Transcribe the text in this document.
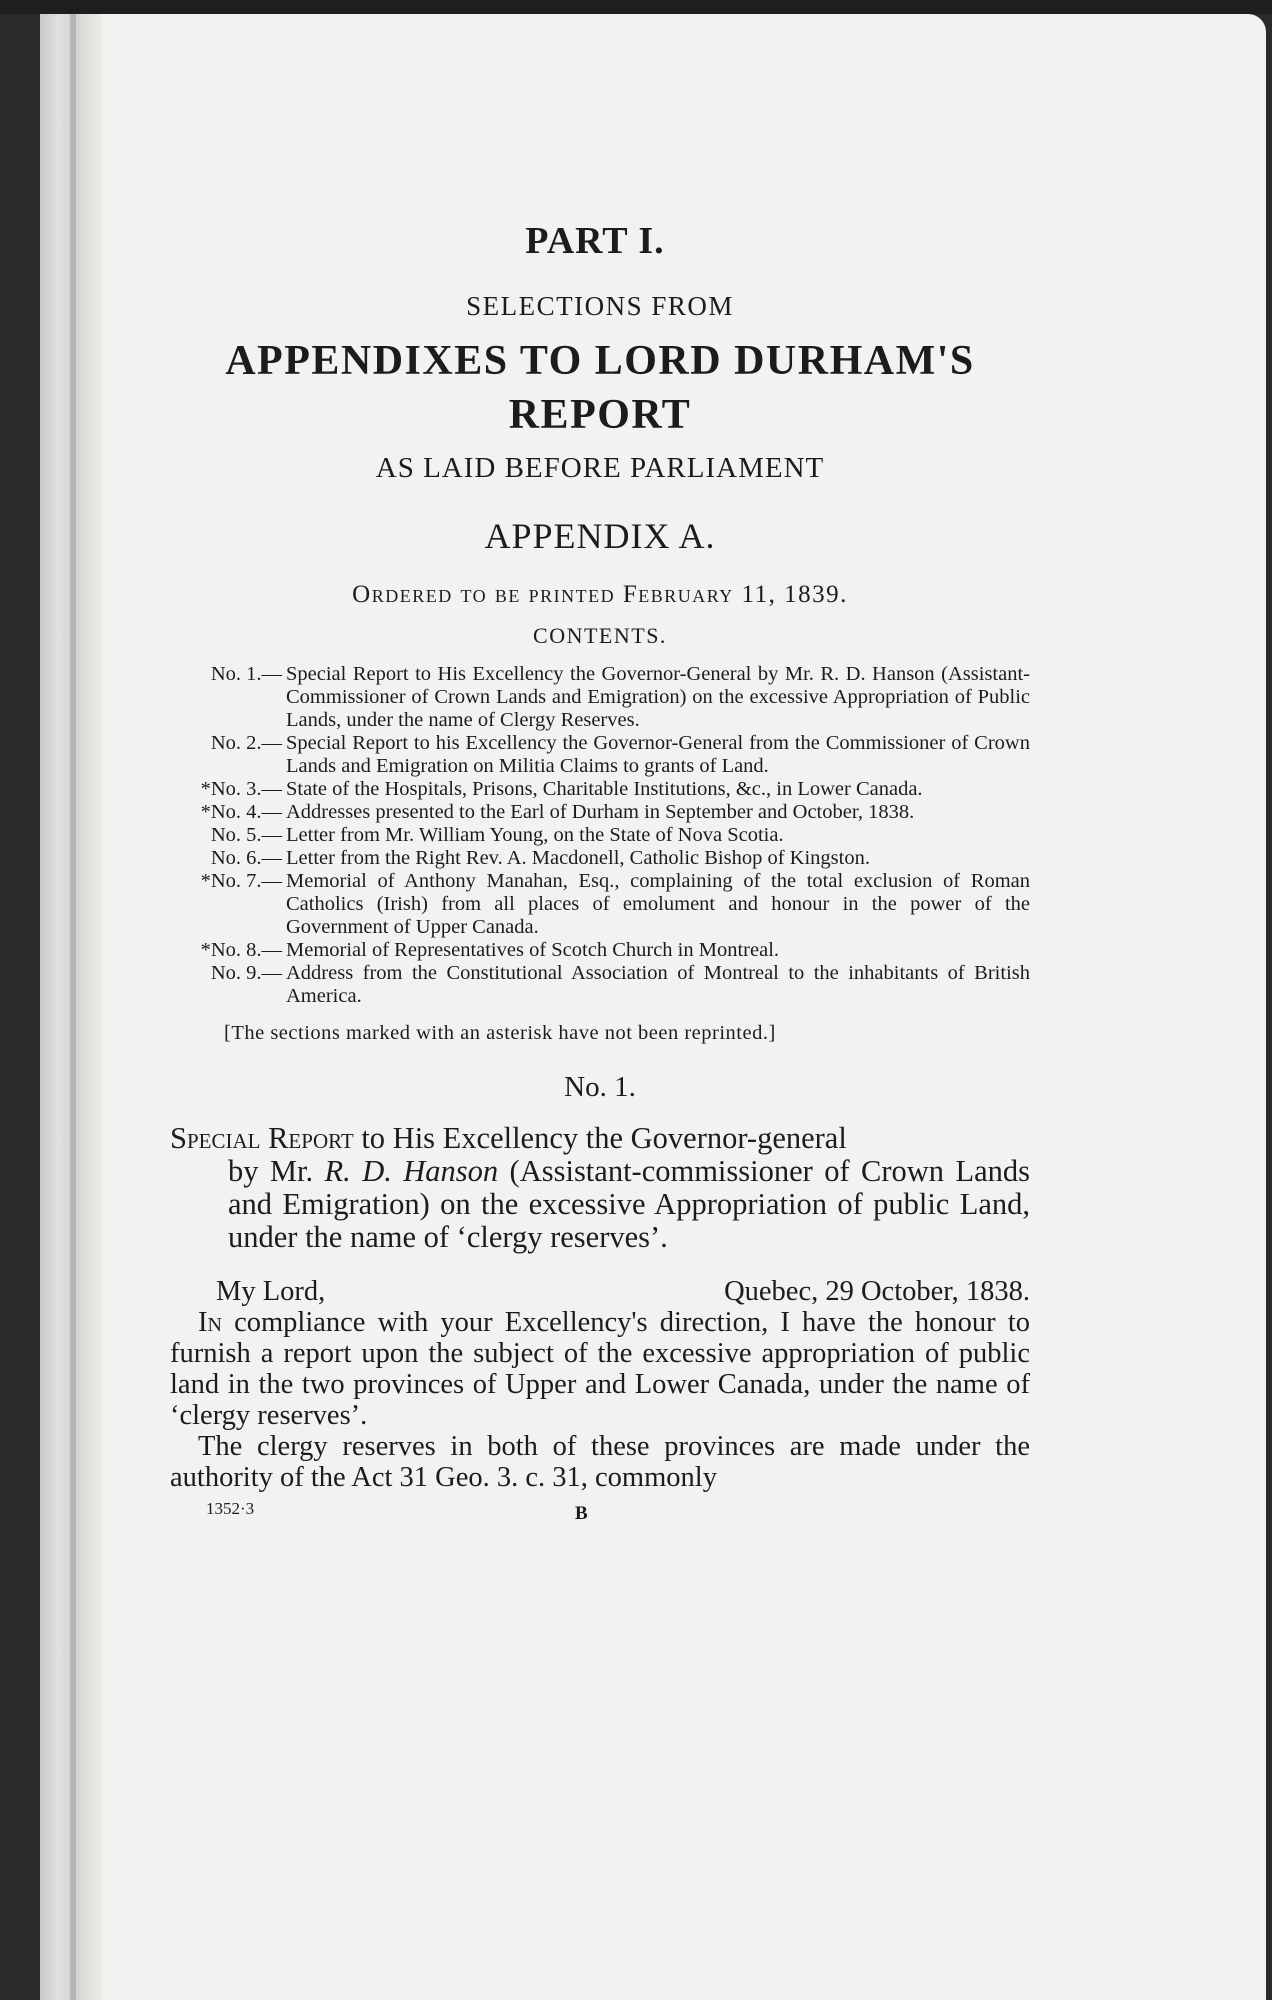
PART I.
SELECTIONS FROM
APPENDIXES TO LORD DURHAM'S
REPORT
AS LAID BEFORE PARLIAMENT
APPENDIX A.
Ordered to be printed February 11, 1839.
CONTENTS.
No. 1.— Special Report to His Excellency the Governor-General by Mr. R. D. Hanson (Assistant-Commissioner of Crown Lands and Emigration) on the excessive Appropriation of Public Lands, under the name of Clergy Reserves.
No. 2.— Special Report to his Excellency the Governor-General from the Commissioner of Crown Lands and Emigration on Militia Claims to grants of Land.
*No. 3.— State of the Hospitals, Prisons, Charitable Institutions, &c., in Lower Canada.
*No. 4.— Addresses presented to the Earl of Durham in September and October, 1838.
No. 5.— Letter from Mr. William Young, on the State of Nova Scotia.
No. 6.— Letter from the Right Rev. A. Macdonell, Catholic Bishop of Kingston.
*No. 7.— Memorial of Anthony Manahan, Esq., complaining of the total exclusion of Roman Catholics (Irish) from all places of emolument and honour in the power of the Government of Upper Canada.
*No. 8.— Memorial of Representatives of Scotch Church in Montreal.
No. 9.— Address from the Constitutional Association of Montreal to the inhabitants of British America.
[The sections marked with an asterisk have not been reprinted.]
No. 1.
Special Report to His Excellency the Governor-general
by Mr. R. D. Hanson (Assistant-commissioner of Crown Lands and Emigration) on the excessive Appropriation of public Land, under the name of ‘clergy reserves’.
My Lord,	Quebec, 29 October, 1838.
In compliance with your Excellency's direction, I have the honour to furnish a report upon the subject of the excessive appropriation of public land in the two provinces of Upper and Lower Canada, under the name of ‘clergy reserves’.
The clergy reserves in both of these provinces are made under the authority of the Act 31 Geo. 3. c. 31, commonly
1352·3	B
